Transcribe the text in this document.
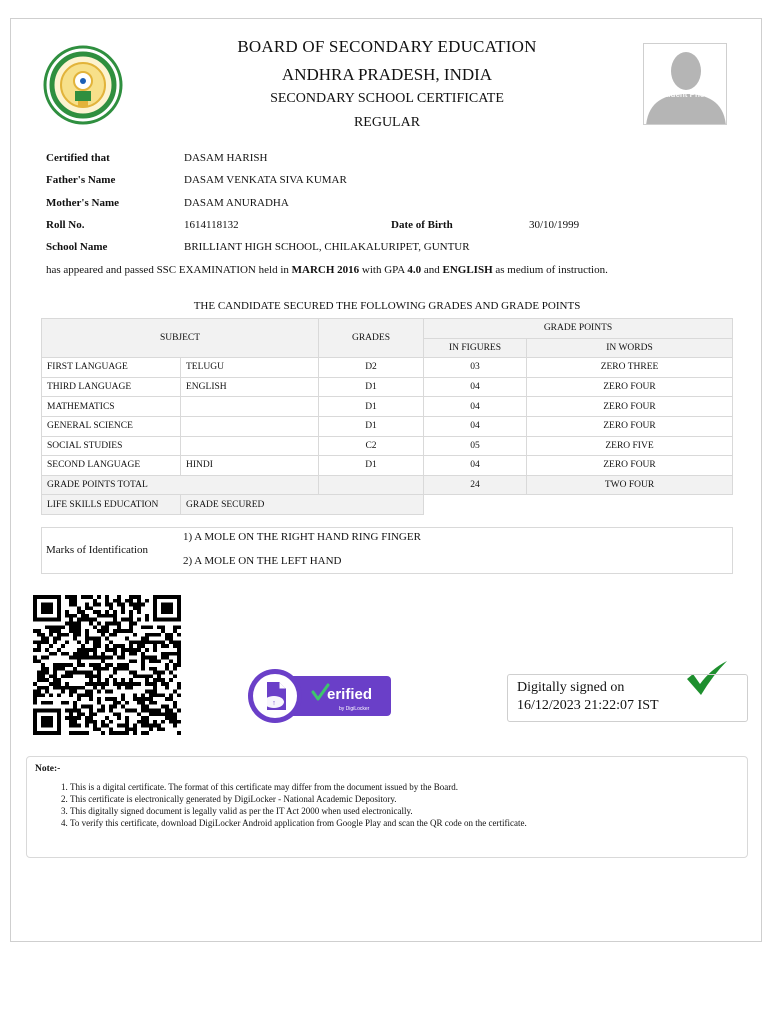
BOARD OF SECONDARY EDUCATION
ANDHRA PRADESH, INDIA
SECONDARY SCHOOL CERTIFICATE
REGULAR
Student Photo
Certified that	DASAM HARISH
Father's Name	DASAM VENKATA SIVA KUMAR
Mother's Name	DASAM ANURADHA
Roll No.	1614118132	Date of Birth	30/10/1999
School Name	BRILLIANT HIGH SCHOOL, CHILAKALURIPET, GUNTUR
has appeared and passed SSC EXAMINATION held in MARCH 2016 with GPA 4.0 and ENGLISH as medium of instruction.
THE CANDIDATE SECURED THE FOLLOWING GRADES AND GRADE POINTS
SUBJECT		GRADES	GRADE POINTS	
			IN FIGURES	IN WORDS
FIRST LANGUAGE	TELUGU	D2	03	ZERO THREE
THIRD LANGUAGE	ENGLISH	D1	04	ZERO FOUR
MATHEMATICS		D1	04	ZERO FOUR
GENERAL SCIENCE		D1	04	ZERO FOUR
SOCIAL STUDIES		C2	05	ZERO FIVE
SECOND LANGUAGE	HINDI	D1	04	ZERO FOUR
GRADE POINTS TOTAL			24	TWO FOUR
LIFE SKILLS EDUCATION	GRADE SECURED			
Marks of Identification
1) A MOLE ON THE RIGHT HAND RING FINGER
2) A MOLE ON THE LEFT HAND
↑
erified
by DigiLocker
Digitally signed on
16/12/2023 21:22:07 IST
Note:-
1. This is a digital certificate. The format of this certificate may differ from the document issued by the Board.
2. This certificate is electronically generated by DigiLocker - National Academic Depository.
3. This digitally signed document is legally valid as per the IT Act 2000 when used electronically.
4. To verify this certificate, download DigiLocker Android application from Google Play and scan the QR code on the certificate.
